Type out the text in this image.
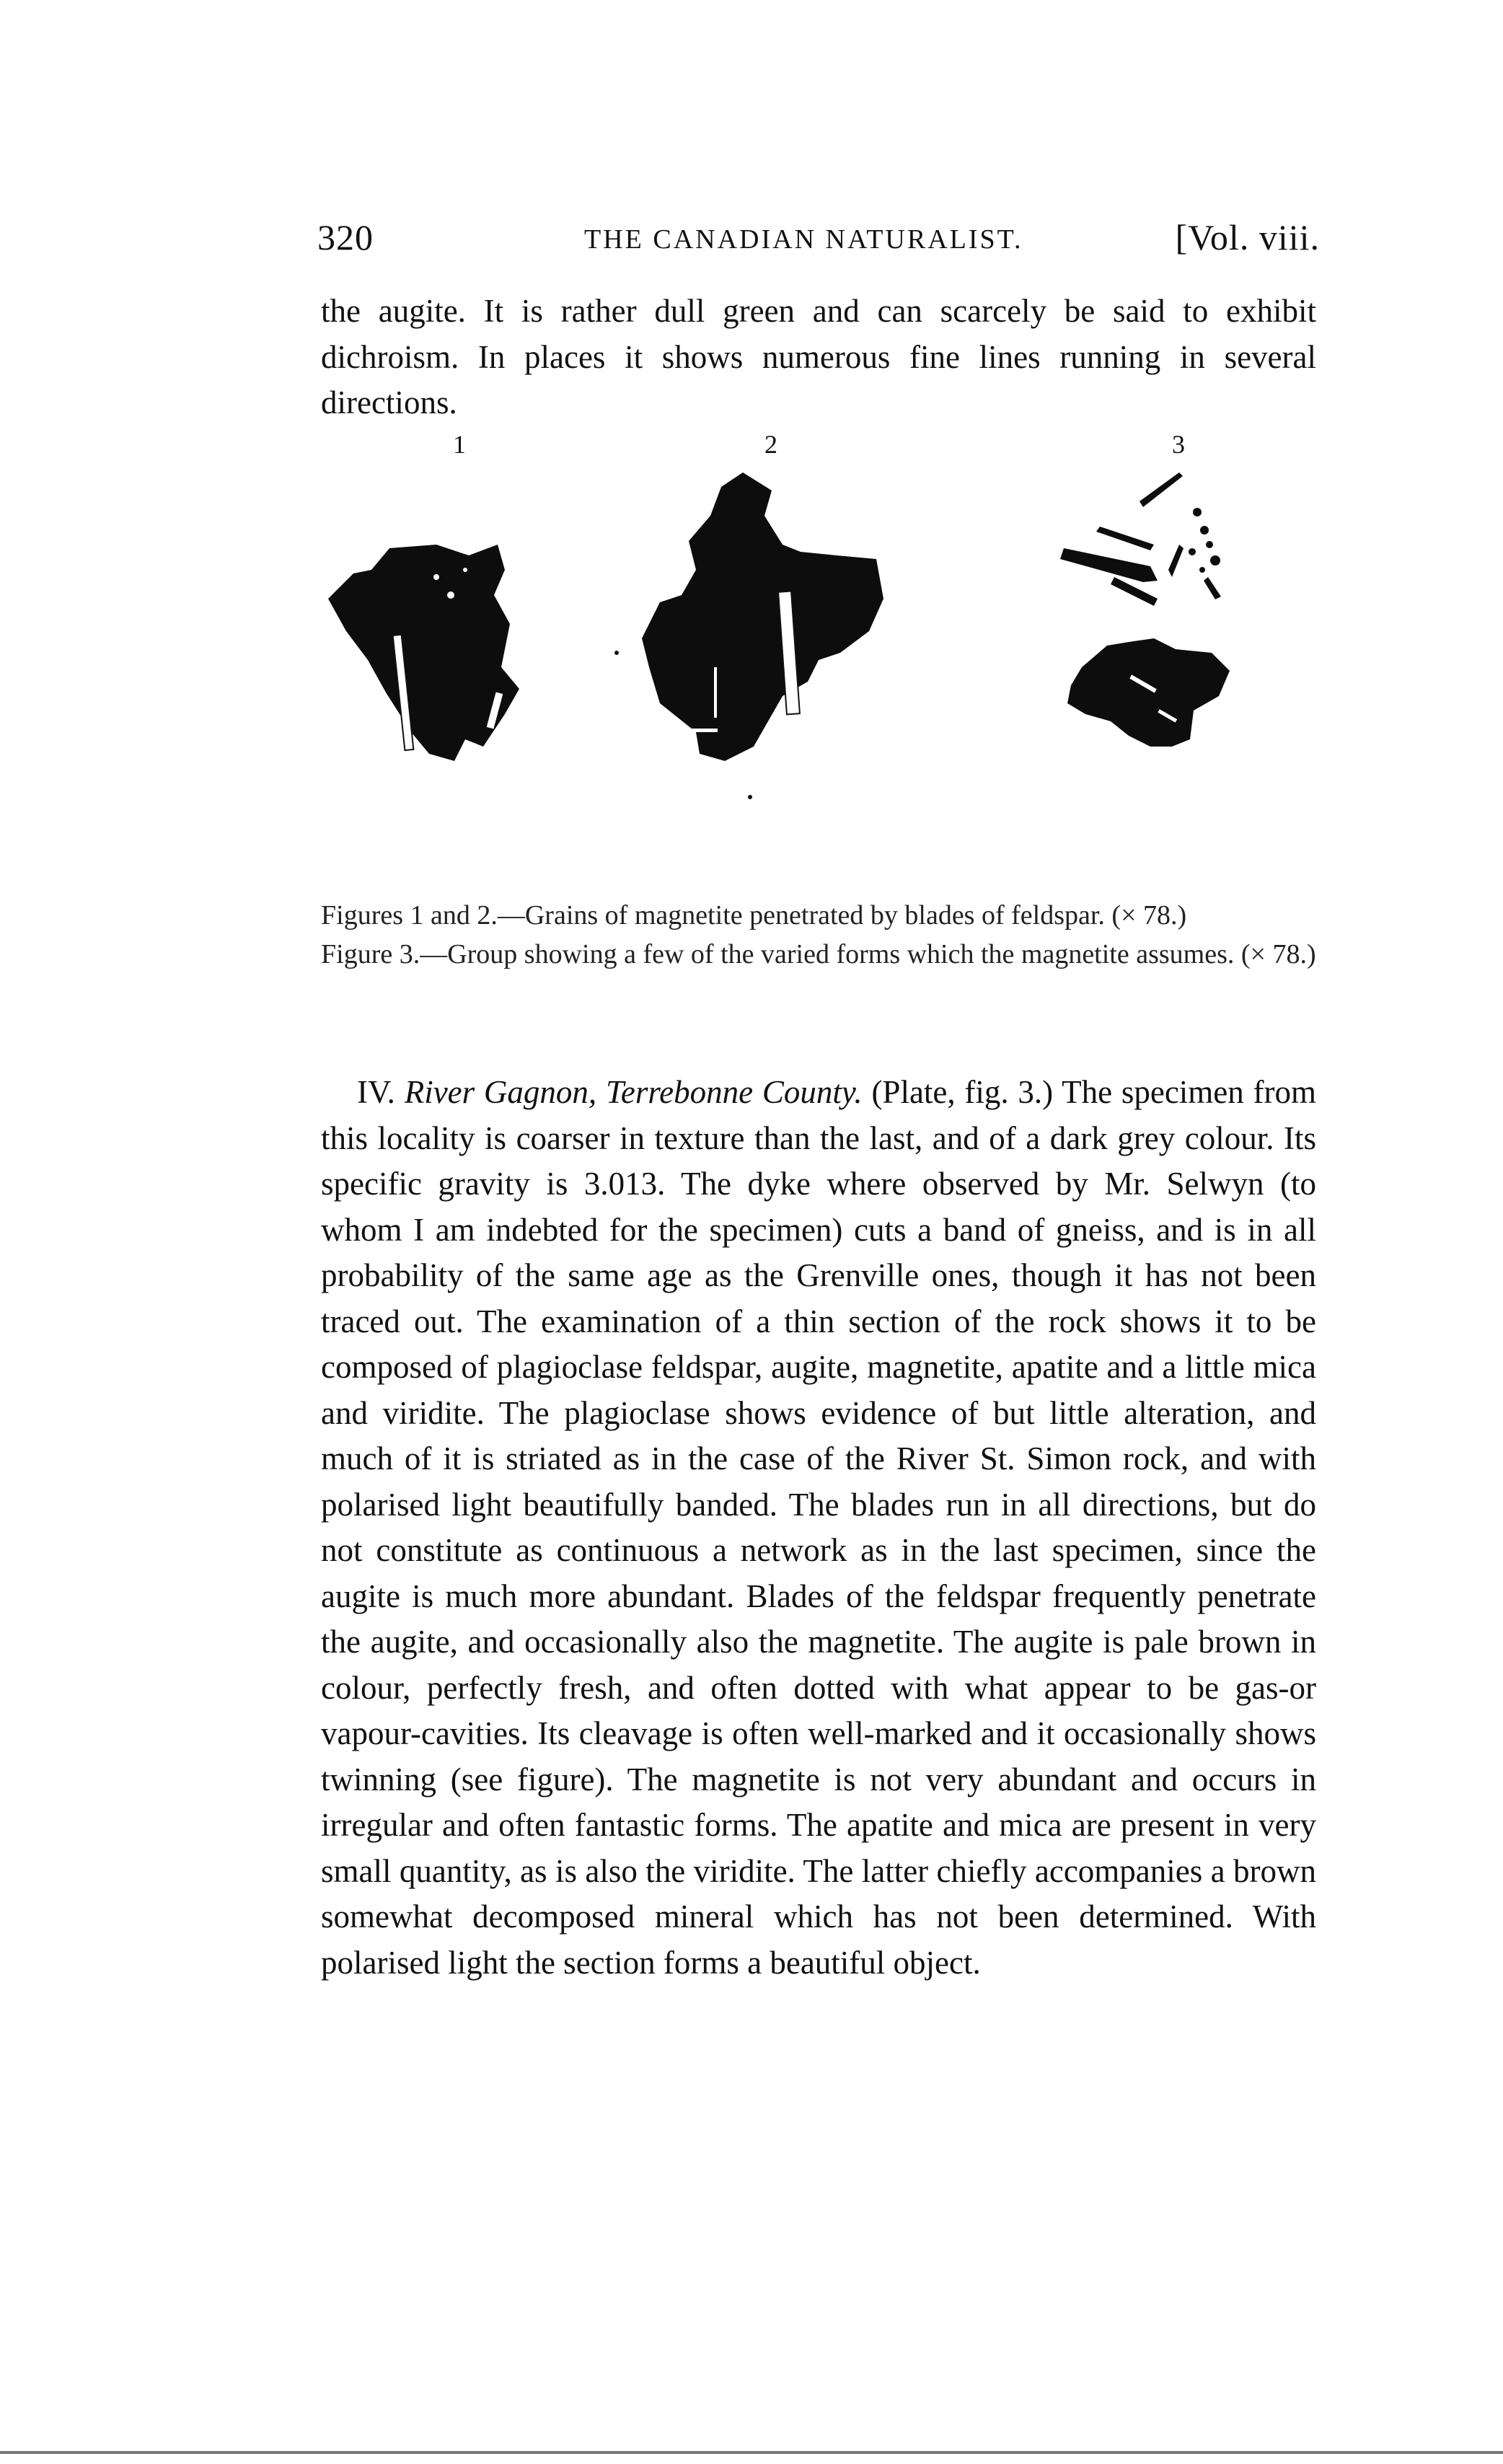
320	THE CANADIAN NATURALIST.	[Vol. viii.

the augite. It is rather dull green and can scarcely be said to exhibit dichroism. In places it shows numerous fine lines running in several directions.

1	2	3

Figures 1 and 2.—Grains of magnetite penetrated by blades of feldspar. (× 78.)

Figure 3.—Group showing a few of the varied forms which the magnetite assumes. (× 78.)

IV. River Gagnon, Terrebonne County. (Plate, fig. 3.) The specimen from this locality is coarser in texture than the last, and of a dark grey colour. Its specific gravity is 3.013. The dyke where observed by Mr. Selwyn (to whom I am indebted for the specimen) cuts a band of gneiss, and is in all probability of the same age as the Grenville ones, though it has not been traced out. The examination of a thin section of the rock shows it to be composed of plagioclase feldspar, augite, magnetite, apatite and a little mica and viridite. The plagioclase shows evidence of but little alteration, and much of it is striated as in the case of the River St. Simon rock, and with polarised light beautifully banded. The blades run in all directions, but do not constitute as continuous a network as in the last specimen, since the augite is much more abundant. Blades of the feldspar frequently penetrate the augite, and occasionally also the magnetite. The augite is pale brown in colour, perfectly fresh, and often dotted with what appear to be gas-or vapour-cavities. Its cleavage is often well-marked and it occasionally shows twinning (see figure). The magnetite is not very abundant and occurs in irregular and often fantastic forms. The apatite and mica are present in very small quantity, as is also the viridite. The latter chiefly accompanies a brown somewhat decomposed mineral which has not been determined. With polarised light the section forms a beautiful object.
